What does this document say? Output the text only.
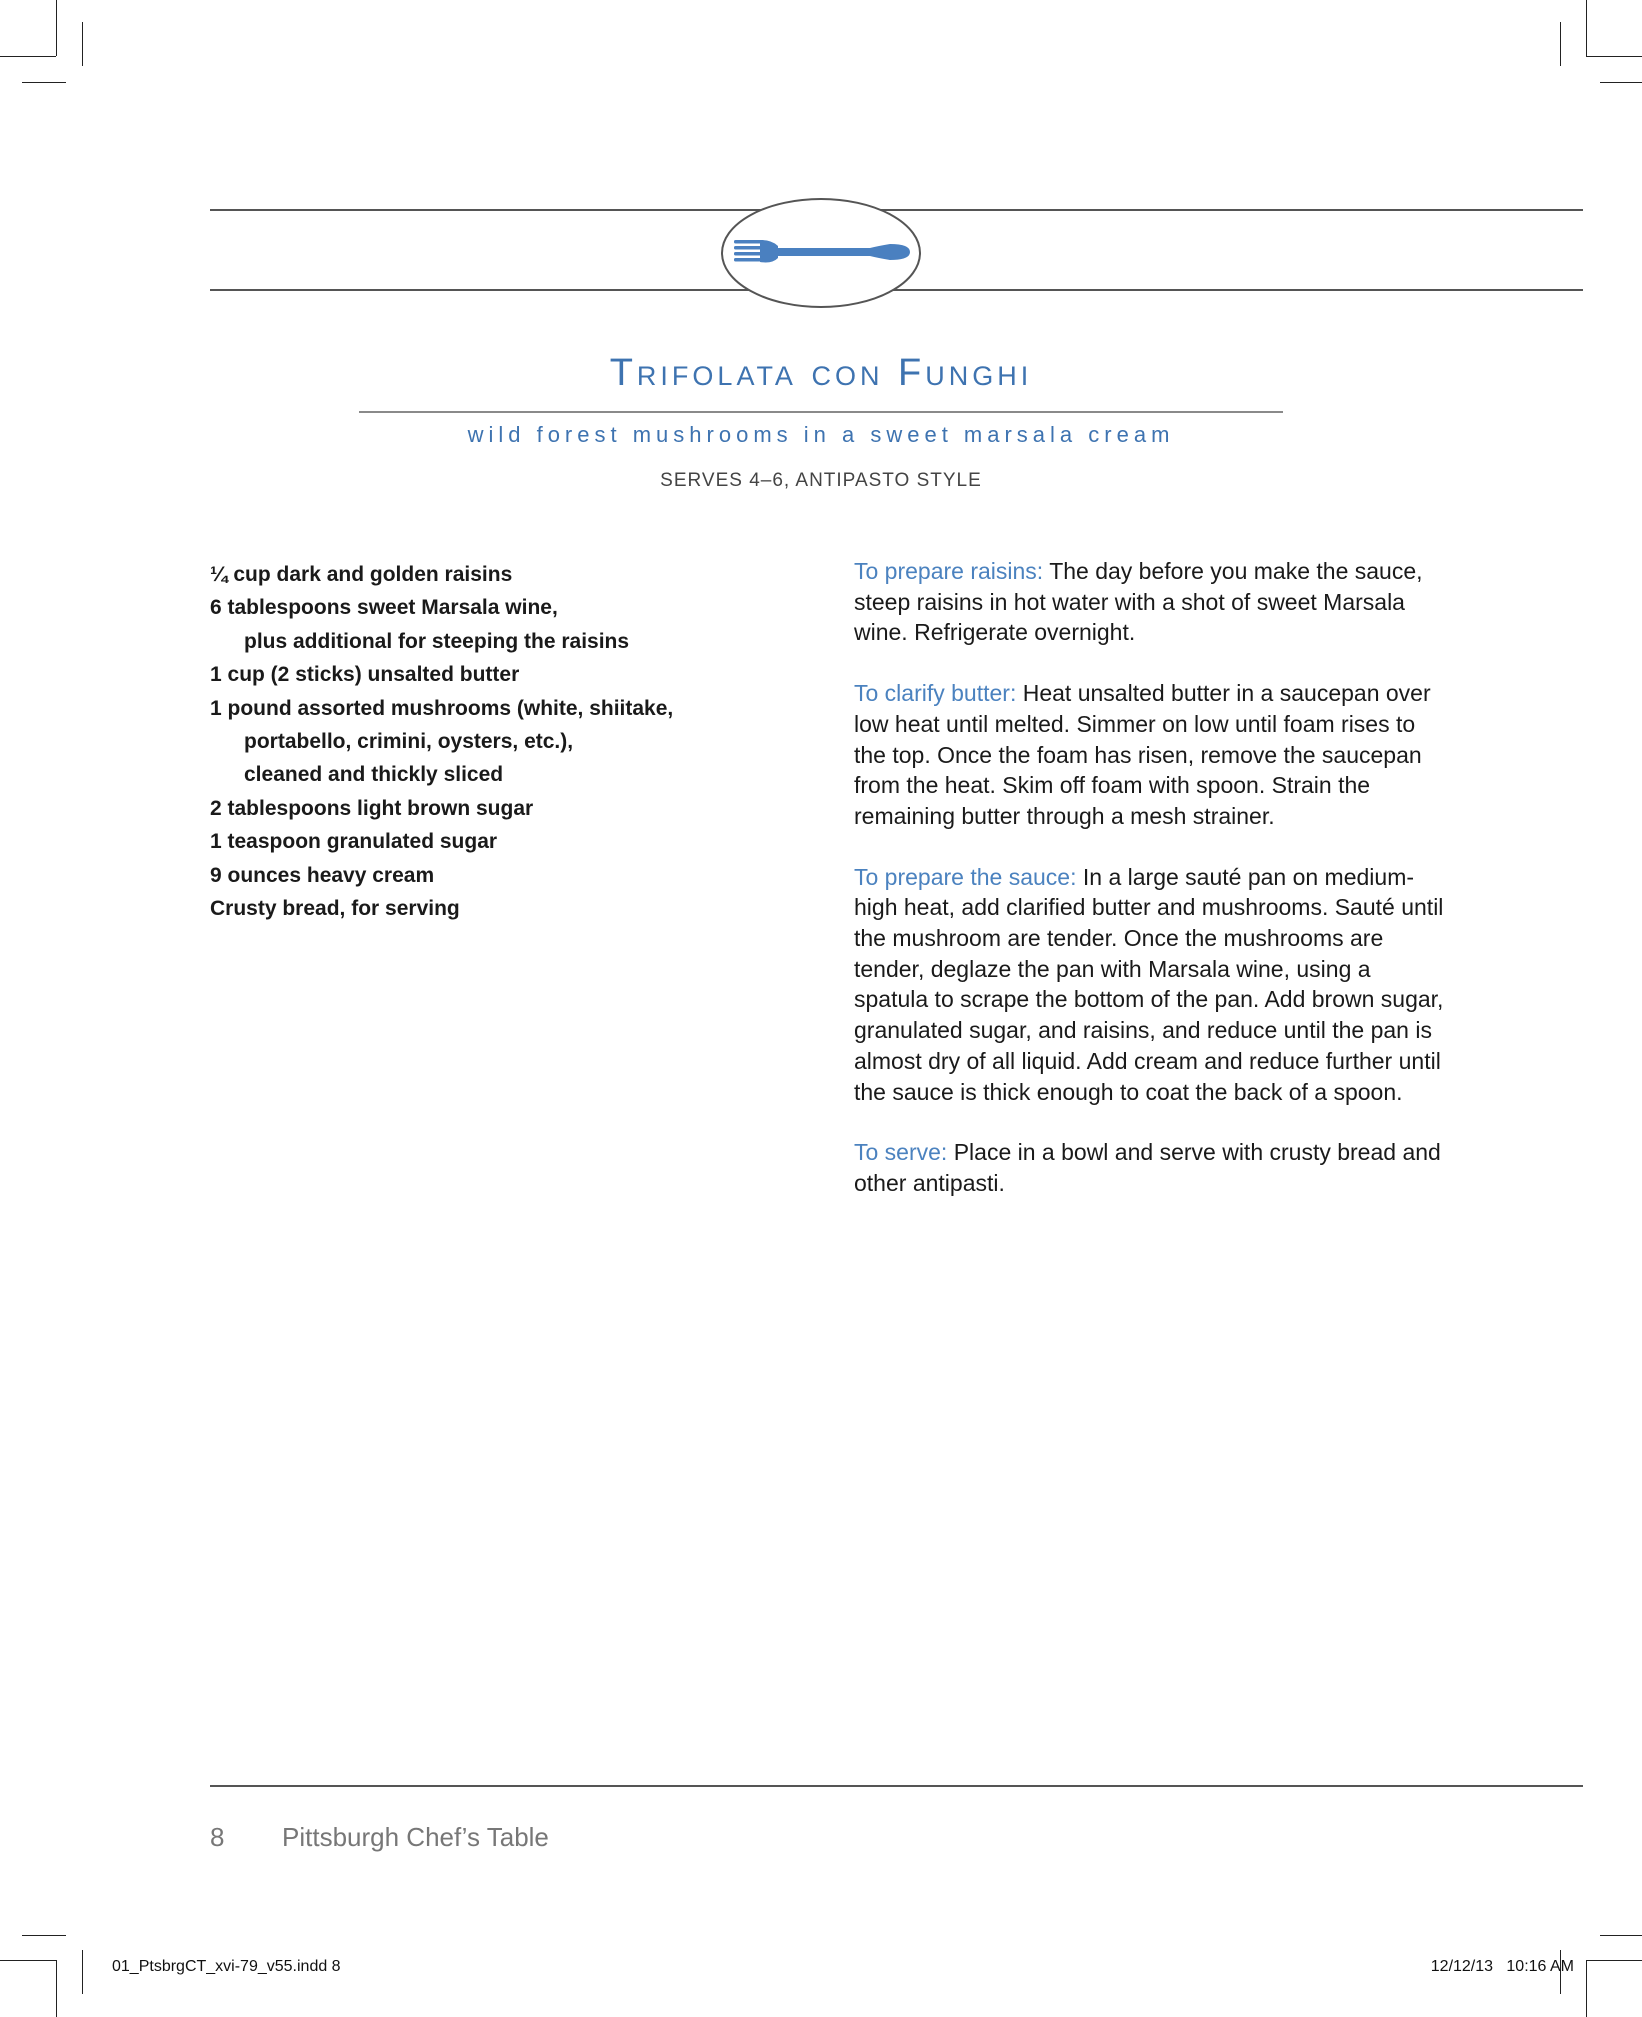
Trifolata con Funghi
wild forest mushrooms in a sweet marsala cream
SERVES 4–6, ANTIPASTO STYLE
¼ cup dark and golden raisins
6 tablespoons sweet Marsala wine,
plus additional for steeping the raisins
1 cup (2 sticks) unsalted butter
1 pound assorted mushrooms (white, shiitake,
portabello, crimini, oysters, etc.),
cleaned and thickly sliced
2 tablespoons light brown sugar
1 teaspoon granulated sugar
9 ounces heavy cream
Crusty bread, for serving

To prepare raisins: The day before you make the sauce, steep raisins in hot water with a shot of sweet Marsala wine. Refrigerate overnight.

To clarify butter: Heat unsalted butter in a saucepan over low heat until melted. Simmer on low until foam rises to the top. Once the foam has risen, remove the saucepan from the heat. Skim off foam with spoon. Strain the remaining butter through a mesh strainer.

To prepare the sauce: In a large sauté pan on medium-high heat, add clarified butter and mushrooms. Sauté until the mushroom are tender. Once the mushrooms are tender, deglaze the pan with Marsala wine, using a spatula to scrape the bottom of the pan. Add brown sugar, granulated sugar, and raisins, and reduce until the pan is almost dry of all liquid. Add cream and reduce further until the sauce is thick enough to coat the back of a spoon.

To serve: Place in a bowl and serve with crusty bread and other antipasti.

8 Pittsburgh Chef’s Table
01_PtsbrgCT_xvi-79_v55.indd 8	12/12/13 10:16 AM
